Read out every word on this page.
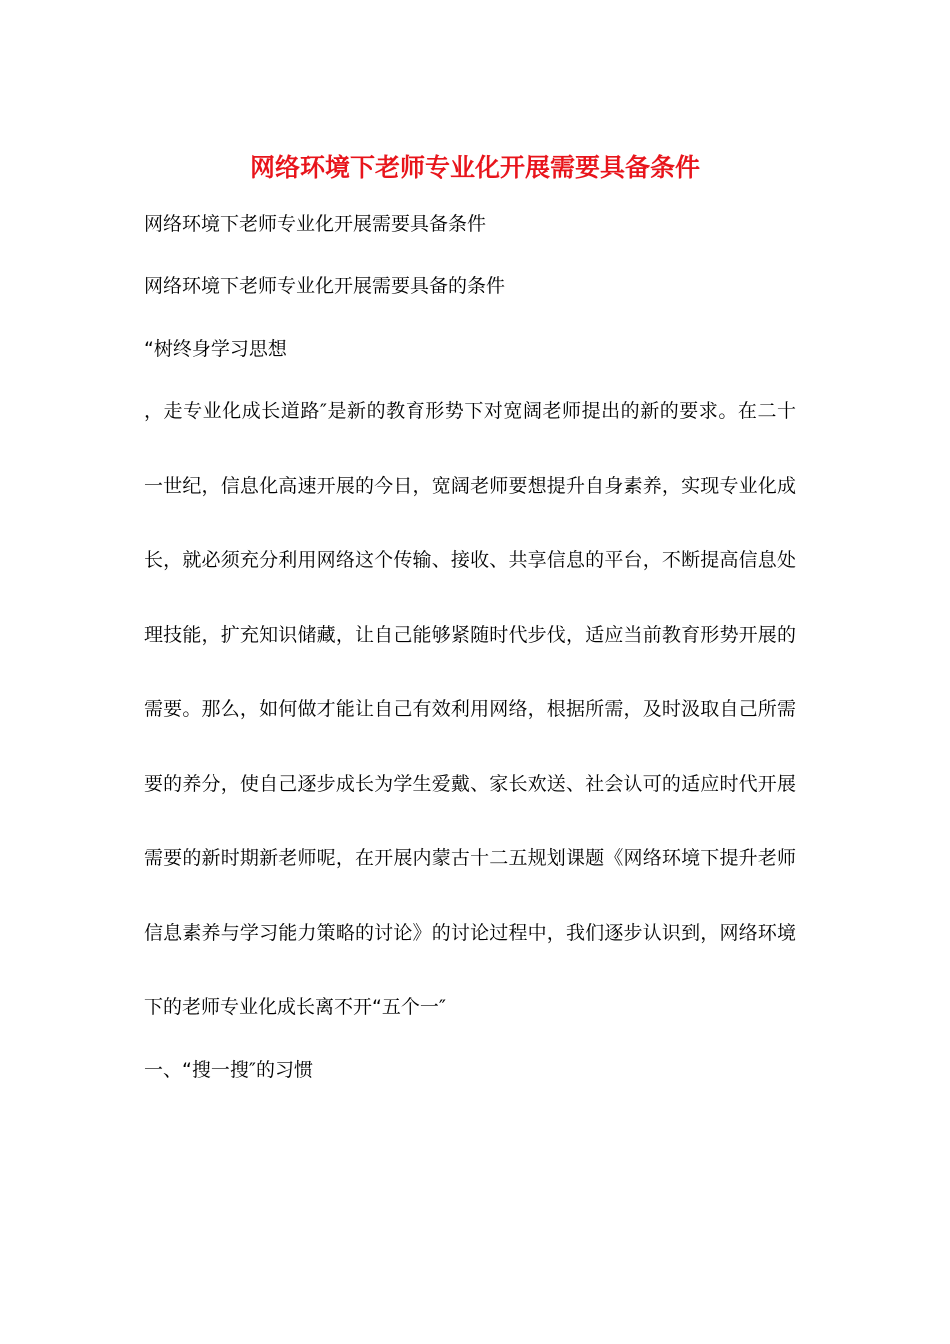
网络环境下老师专业化开展需要具备条件

网络环境下老师专业化开展需要具备条件

网络环境下老师专业化开展需要具备的条件

“树终身学习思想

，走专业化成长道路″是新的教育形势下对宽阔老师提出的新的要求。在二十

一世纪，信息化高速开展的今日，宽阔老师要想提升自身素养，实现专业化成

长，就必须充分利用网络这个传输、接收、共享信息的平台，不断提高信息处

理技能，扩充知识储藏，让自己能够紧随时代步伐，适应当前教育形势开展的

需要。那么，如何做才能让自己有效利用网络，根据所需，及时汲取自己所需

要的养分，使自己逐步成长为学生爱戴、家长欢送、社会认可的适应时代开展

需要的新时期新老师呢，在开展内蒙古十二五规划课题《网络环境下提升老师

信息素养与学习能力策略的讨论》的讨论过程中，我们逐步认识到，网络环境

下的老师专业化成长离不开“五个一″

一、“搜一搜″的习惯
